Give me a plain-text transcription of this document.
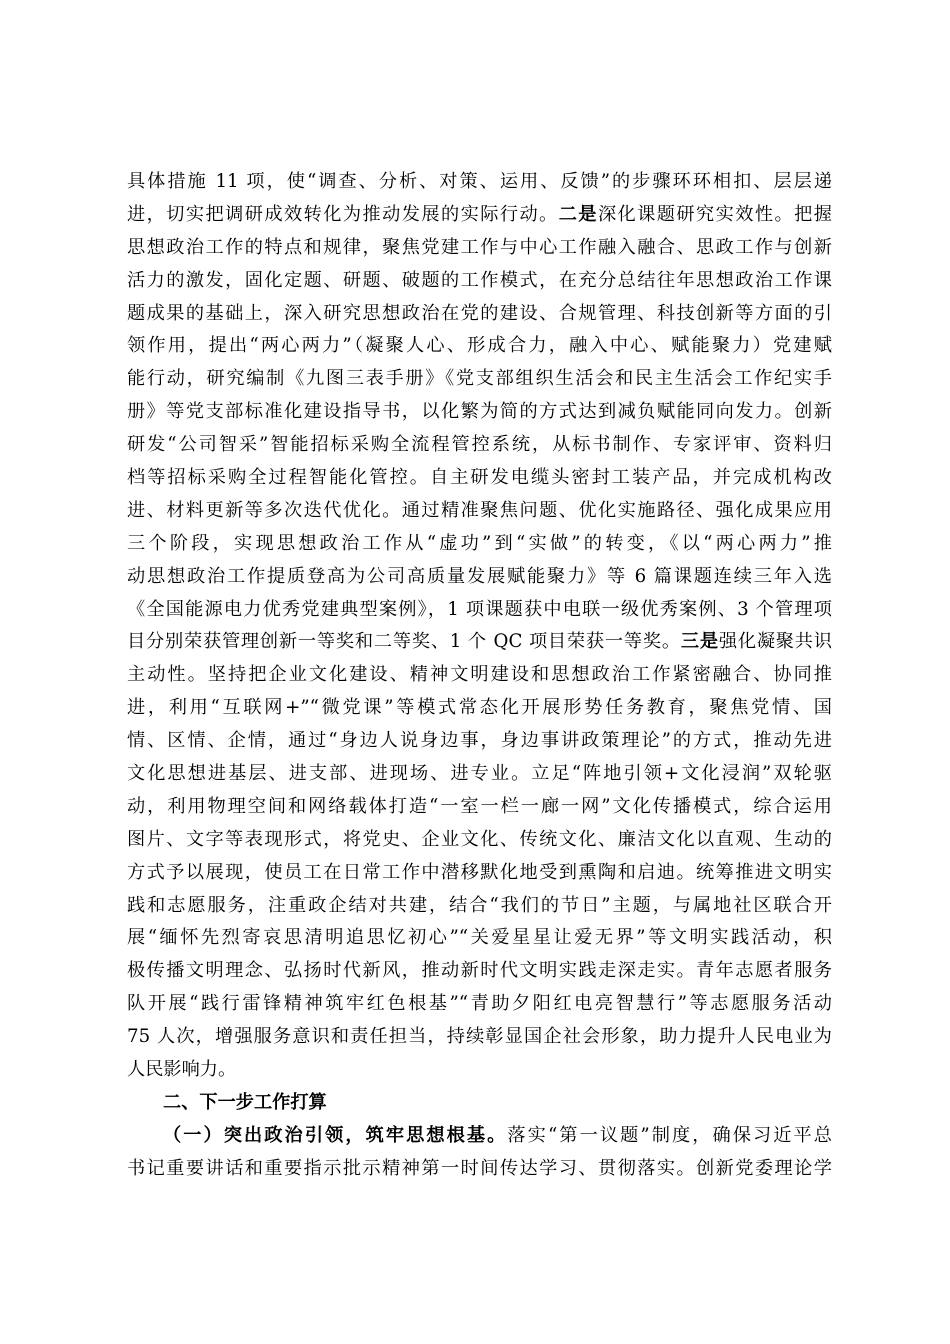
具体措施 11 项，使“调查、分析、对策、运用、反馈”的步骤环环相扣、层层递
进，切实把调研成效转化为推动发展的实际行动。二是深化课题研究实效性。把握
思想政治工作的特点和规律，聚焦党建工作与中心工作融入融合、思政工作与创新
活力的激发，固化定题、研题、破题的工作模式，在充分总结往年思想政治工作课
题成果的基础上，深入研究思想政治在党的建设、合规管理、科技创新等方面的引
领作用，提出“两心两力”（凝聚人心、形成合力，融入中心、赋能聚力）党建赋
能行动，研究编制《九图三表手册》《党支部组织生活会和民主生活会工作纪实手
册》等党支部标准化建设指导书，以化繁为简的方式达到减负赋能同向发力。创新
研发“公司智采”智能招标采购全流程管控系统，从标书制作、专家评审、资料归
档等招标采购全过程智能化管控。自主研发电缆头密封工装产品，并完成机构改
进、材料更新等多次迭代优化。通过精准聚焦问题、优化实施路径、强化成果应用
三个阶段，实现思想政治工作从“虚功”到“实做”的转变，《以“两心两力”推
动思想政治工作提质登高为公司高质量发展赋能聚力》等 6 篇课题连续三年入选
《全国能源电力优秀党建典型案例》，1 项课题获中电联一级优秀案例、3 个管理项
目分别荣获管理创新一等奖和二等奖、1 个 QC 项目荣获一等奖。三是强化凝聚共识
主动性。坚持把企业文化建设、精神文明建设和思想政治工作紧密融合、协同推
进，利用“互联网+”“微党课”等模式常态化开展形势任务教育，聚焦党情、国
情、区情、企情，通过“身边人说身边事，身边事讲政策理论”的方式，推动先进
文化思想进基层、进支部、进现场、进专业。立足“阵地引领+文化浸润”双轮驱
动，利用物理空间和网络载体打造“一室一栏一廊一网”文化传播模式，综合运用
图片、文字等表现形式，将党史、企业文化、传统文化、廉洁文化以直观、生动的
方式予以展现，使员工在日常工作中潜移默化地受到熏陶和启迪。统筹推进文明实
践和志愿服务，注重政企结对共建，结合“我们的节日”主题，与属地社区联合开
展“缅怀先烈寄哀思清明追思忆初心”“关爱星星让爱无界”等文明实践活动，积
极传播文明理念、弘扬时代新风，推动新时代文明实践走深走实。青年志愿者服务
队开展“践行雷锋精神筑牢红色根基”“青助夕阳红电亮智慧行”等志愿服务活动
75 人次，增强服务意识和责任担当，持续彰显国企社会形象，助力提升人民电业为
人民影响力。
二、下一步工作打算
（一）突出政治引领，筑牢思想根基。落实“第一议题”制度，确保习近平总
书记重要讲话和重要指示批示精神第一时间传达学习、贯彻落实。创新党委理论学
